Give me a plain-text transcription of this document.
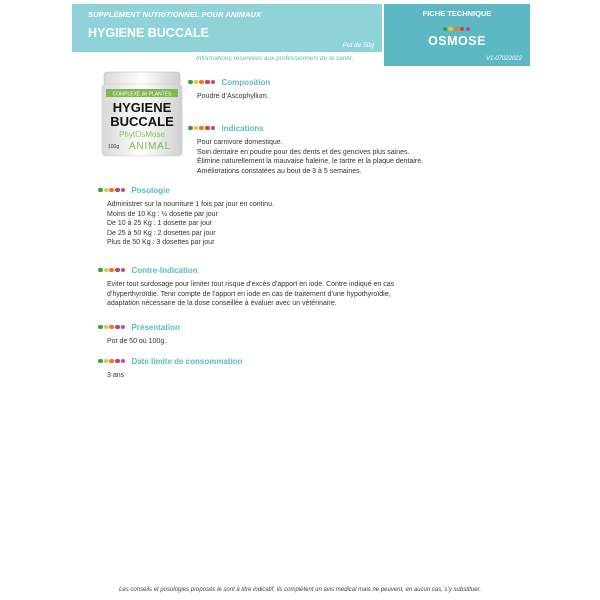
SUPPLÉMENT NUTRITIONNEL POUR ANIMAUX
HYGIENE BUCCALE
Pot de 50g
FICHE TECHNIQUE
OSMOSE
V1-07022022
Informations réservées aux professionnels de la santé.
COMPLEXE de PLANTES
HYGIENE
BUCCALE
PhytOsMose
100g ANIMAL
Composition
Poudre d’Ascophyllum.
Indications
Pour carnivore domestique.
Soin dentaire en poudre pour des dents et des gencives plus saines.
Élimine naturellement la mauvaise haleine, le tartre et la plaque dentaire.
Améliorations constatées au bout de 3 à 5 semaines.
Posologie
Administrer sur la nourriture 1 fois par jour en continu.
Moins de 10 Kg : ½ dosette par jour
De 10 à 25 Kg : 1 dosette par jour
De 25 à 50 Kg : 2 dosettes par jour
Plus de 50 Kg : 3 dosettes par jour
Contre-Indication
Eviter tout surdosage pour limiter tout risque d’excès d’apport en iode. Contre indiqué en cas
d’hyperthyroïdie. Tenir compte de l’apport en iode en cas de traitement d’une hypothyroïdie,
adaptation nécessaire de la dose conseillée à évaluer avec un vétérinaire.
Présentation
Pot de 50 ou 100g.
Date limite de consommation
3 ans
Les conseils et posologies proposés le sont à titre indicatif, ils complètent un avis médical mais ne peuvent, en aucun cas, s’y substituer.
